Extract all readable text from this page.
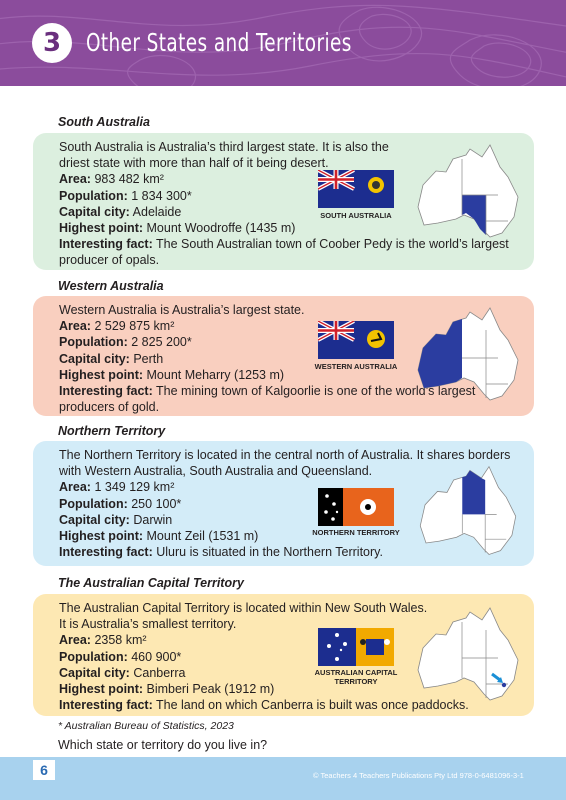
3 Other States and Territories
South Australia

South Australia is Australia’s third largest state. It is also the driest state with more than half of it being desert.

Area: 983 482 km²

Population: 1 834 300*

Capital city: Adelaide

Highest point: Mount Woodroffe (1435 m)

Interesting fact: The South Australian town of Coober Pedy is the world’s largest producer of opals.

SOUTH AUSTRALIA
Western Australia

Western Australia is Australia’s largest state.

Area: 2 529 875 km²

Population: 2 825 200*

Capital city: Perth

Highest point: Mount Meharry (1253 m)

Interesting fact: The mining town of Kalgoorlie is one of the world’s largest producers of gold.

WESTERN AUSTRALIA
Northern Territory

The Northern Territory is located in the central north of Australia. It shares borders with Western Australia, South Australia and Queensland.

Area: 1 349 129 km²

Population: 250 100*

Capital city: Darwin

Highest point: Mount Zeil (1531 m)

Interesting fact: Uluru is situated in the Northern Territory.

NORTHERN TERRITORY
The Australian Capital Territory

The Australian Capital Territory is located within New South Wales. It is Australia’s smallest territory.

Area: 2358 km²

Population: 460 900*

Capital city: Canberra

Highest point: Bimberi Peak (1912 m)

Interesting fact: The land on which Canberra is built was once paddocks.

AUSTRALIAN CAPITAL TERRITORY
* Australian Bureau of Statistics, 2023
Which state or territory do you live in?
6	© Teachers 4 Teachers Publications Pty Ltd 978-0-6481096-3-1
